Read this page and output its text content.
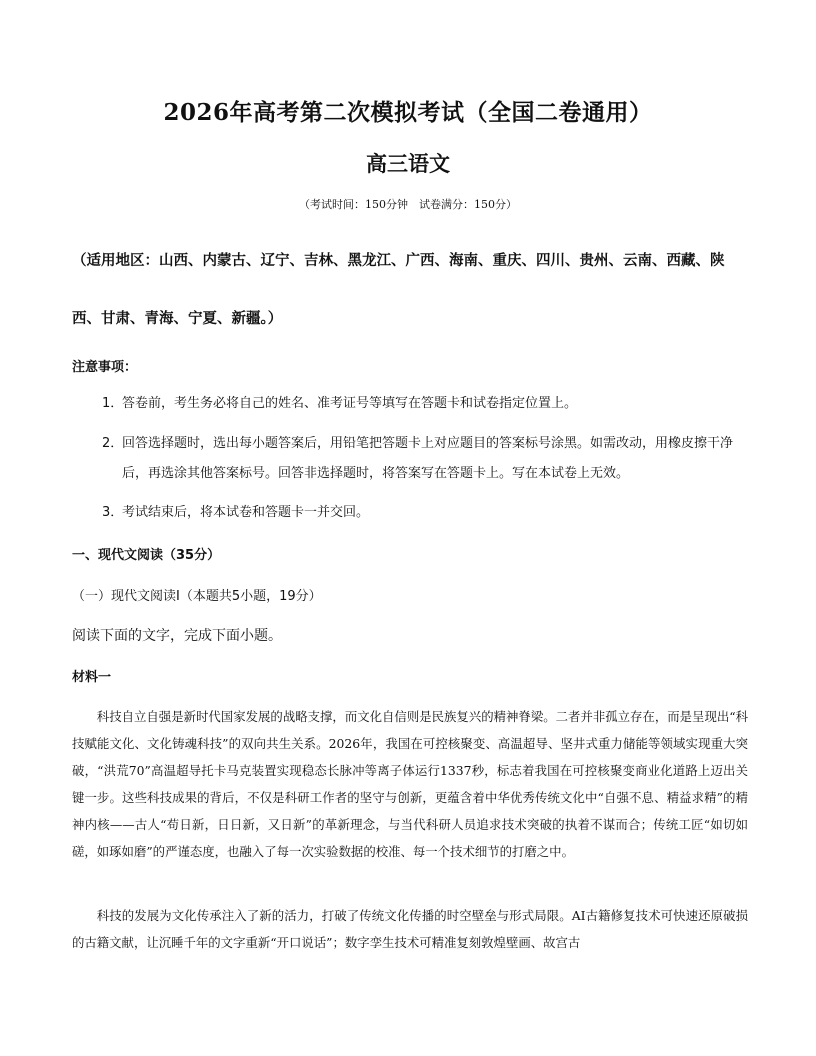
2026年高考第二次模拟考试（全国二卷通用）
高三语文
（考试时间：150分钟　试卷满分：150分）
（适用地区：山西、内蒙古、辽宁、吉林、黑龙江、广西、海南、重庆、四川、贵州、云南、西藏、陕西、甘肃、青海、宁夏、新疆。）
注意事项：
1．
答卷前，考生务必将自己的姓名、准考证号等填写在答题卡和试卷指定位置上。
2．
回答选择题时，选出每小题答案后，用铅笔把答题卡上对应题目的答案标号涂黑。如需改动，用橡皮擦干净后，再选涂其他答案标号。回答非选择题时，将答案写在答题卡上。写在本试卷上无效。
3．
考试结束后，将本试卷和答题卡一并交回。
一、现代文阅读（35分）
（一）现代文阅读Ⅰ（本题共5小题，19分）
阅读下面的文字，完成下面小题。
材料一

科技自立自强是新时代国家发展的战略支撑，而文化自信则是民族复兴的精神脊梁。二者并非孤立存在，而是呈现出“科技赋能文化、文化铸魂科技”的双向共生关系。2026年，我国在可控核聚变、高温超导、坚井式重力储能等领域实现重大突破，“洪荒70”高温超导托卡马克装置实现稳态长脉冲等离子体运行1337秒，标志着我国在可控核聚变商业化道路上迈出关键一步。这些科技成果的背后，不仅是科研工作者的坚守与创新，更蕴含着中华优秀传统文化中“自强不息、精益求精”的精神内核——古人“苟日新，日日新，又日新”的革新理念，与当代科研人员追求技术突破的执着不谋而合；传统工匠“如切如磋，如琢如磨”的严谨态度，也融入了每一次实验数据的校准、每一个技术细节的打磨之中。

科技的发展为文化传承注入了新的活力，打破了传统文化传播的时空壁垒与形式局限。AI古籍修复技术可快速还原破损的古籍文献，让沉睡千年的文字重新“开口说话”；数字孪生技术可精准复刻敦煌壁画、故宫古
